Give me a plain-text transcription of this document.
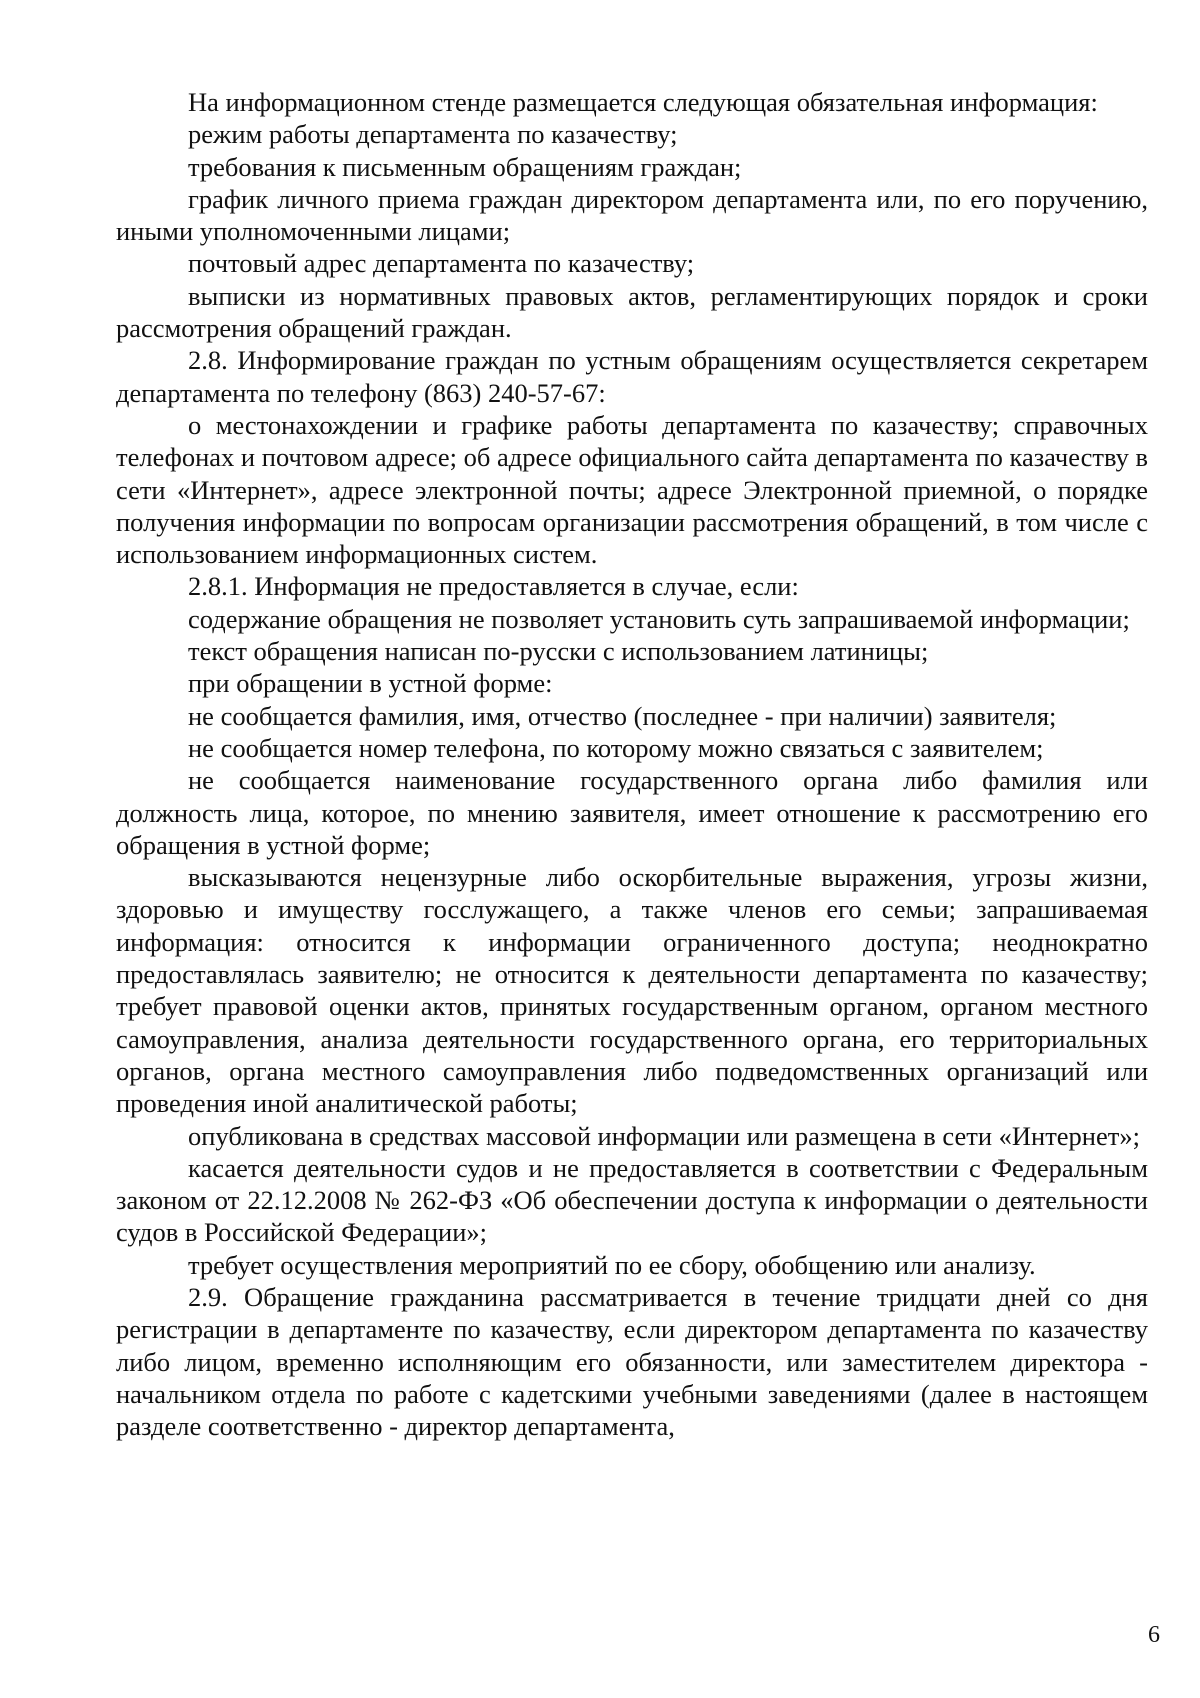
На информационном стенде размещается следующая обязательная информация:

режим работы департамента по казачеству;

требования к письменным обращениям граждан;

график личного приема граждан директором департамента или, по его поручению, иными уполномоченными лицами;

почтовый адрес департамента по казачеству;

выписки из нормативных правовых актов, регламентирующих порядок и сроки рассмотрения обращений граждан.

2.8. Информирование граждан по устным обращениям осуществляется секретарем департамента по телефону (863) 240-57-67:

о местонахождении и графике работы департамента по казачеству; справочных телефонах и почтовом адресе; об адресе официального сайта департамента по казачеству в сети «Интернет», адресе электронной почты; адресе Электронной приемной, о порядке получения информации по вопросам организации рассмотрения обращений, в том числе с использованием информационных систем.

2.8.1. Информация не предоставляется в случае, если:

содержание обращения не позволяет установить суть запрашиваемой информации;

текст обращения написан по-русски с использованием латиницы;

при обращении в устной форме:

не сообщается фамилия, имя, отчество (последнее - при наличии) заявителя;

не сообщается номер телефона, по которому можно связаться с заявителем;

не сообщается наименование государственного органа либо фамилия или должность лица, которое, по мнению заявителя, имеет отношение к рассмотрению его обращения в устной форме;

высказываются нецензурные либо оскорбительные выражения, угрозы жизни, здоровью и имуществу госслужащего, а также членов его семьи; запрашиваемая информация: относится к информации ограниченного доступа; неоднократно предоставлялась заявителю; не относится к деятельности департамента по казачеству; требует правовой оценки актов, принятых государственным органом, органом местного самоуправления, анализа деятельности государственного органа, его территориальных органов, органа местного самоуправления либо подведомственных организаций или проведения иной аналитической работы;

опубликована в средствах массовой информации или размещена в сети «Интернет»;

касается деятельности судов и не предоставляется в соответствии с Федеральным законом от 22.12.2008 № 262-ФЗ «Об обеспечении доступа к информации о деятельности судов в Российской Федерации»;

требует осуществления мероприятий по ее сбору, обобщению или анализу.

2.9. Обращение гражданина рассматривается в течение тридцати дней со дня регистрации в департаменте по казачеству, если директором департамента по казачеству либо лицом, временно исполняющим его обязанности, или заместителем директора - начальником отдела по работе с кадетскими учебными заведениями (далее в настоящем разделе соответственно - директор департамента,

6
